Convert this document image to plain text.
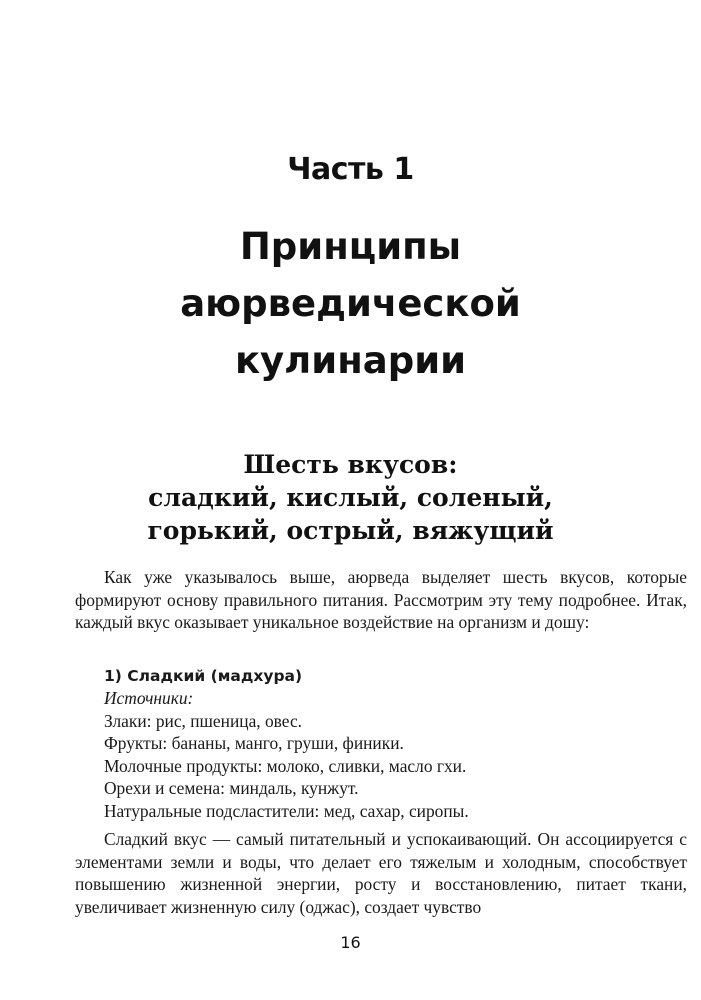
Часть 1
Принципы
аюрведической
кулинарии
Шесть вкусов:
сладкий, кислый, соленый,
горький, острый, вяжущий

Как уже указывалось выше, аюрведа выделяет шесть вкусов, которые формируют основу правильного питания. Рассмотрим эту тему подробнее. Итак, каждый вкус оказывает уникальное воздействие на организм и дошу:

1) Сладкий (мадхура)
Источники:
Злаки: рис, пшеница, овес.
Фрукты: бананы, манго, груши, финики.
Молочные продукты: молоко, сливки, масло гхи.
Орехи и семена: миндаль, кунжут.
Натуральные подсластители: мед, сахар, сиропы.

Сладкий вкус — самый питательный и успокаивающий. Он ассоциируется с элементами земли и воды, что делает его тяжелым и холодным, способствует повышению жизненной энергии, росту и восстановлению, питает ткани, увеличивает жизненную силу (оджас), создает чувство

16
